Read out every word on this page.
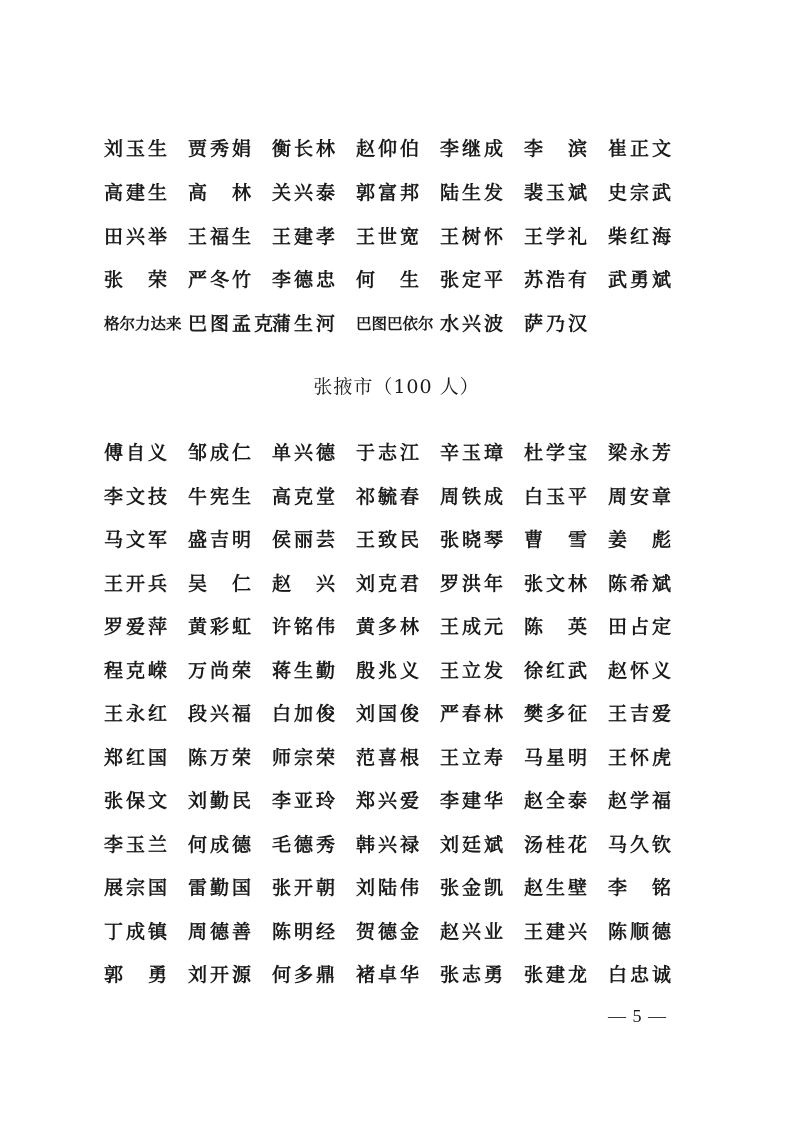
刘玉生 贾秀娟 衡长林 赵仰伯 李继成 李　滨 崔正文
高建生 高　林 关兴泰 郭富邦 陆生发 裴玉斌 史宗武
田兴举 王福生 王建孝 王世宽 王树怀 王学礼 柴红海
张　荣 严冬竹 李德忠 何　生 张定平 苏浩有 武勇斌
格尔力达来 巴图孟克
蒲生河	巴图巴依尔 水兴波 萨乃汉
张掖市（100 人）
傅自义 邹成仁 单兴德 于志江 辛玉璋 杜学宝 梁永芳
李文技 牛宪生 高克堂 祁毓春 周铁成 白玉平 周安章
马文军 盛吉明 侯丽芸 王致民 张晓琴 曹　雪 姜　彪
王开兵 吴　仁 赵　兴 刘克君 罗洪年 张文林 陈希斌
罗爱萍 黄彩虹 许铭伟 黄多林 王成元 陈　英 田占定
程克嵘 万尚荣 蒋生勤 殷兆义 王立发 徐红武 赵怀义
王永红 段兴福 白加俊 刘国俊 严春林 樊多征 王吉爱
郑红国 陈万荣 师宗荣 范喜根 王立寿 马星明 王怀虎
张保文 刘勤民 李亚玲 郑兴爱 李建华 赵全泰 赵学福
李玉兰 何成德 毛德秀 韩兴禄 刘廷斌 汤桂花 马久钦
展宗国 雷勤国 张开朝 刘陆伟 张金凯 赵生壁 李　铭
丁成镇 周德善 陈明经 贺德金 赵兴业 王建兴 陈顺德
郭　勇 刘开源 何多鼎 褚卓华 张志勇 张建龙 白忠诚
— 5 —
